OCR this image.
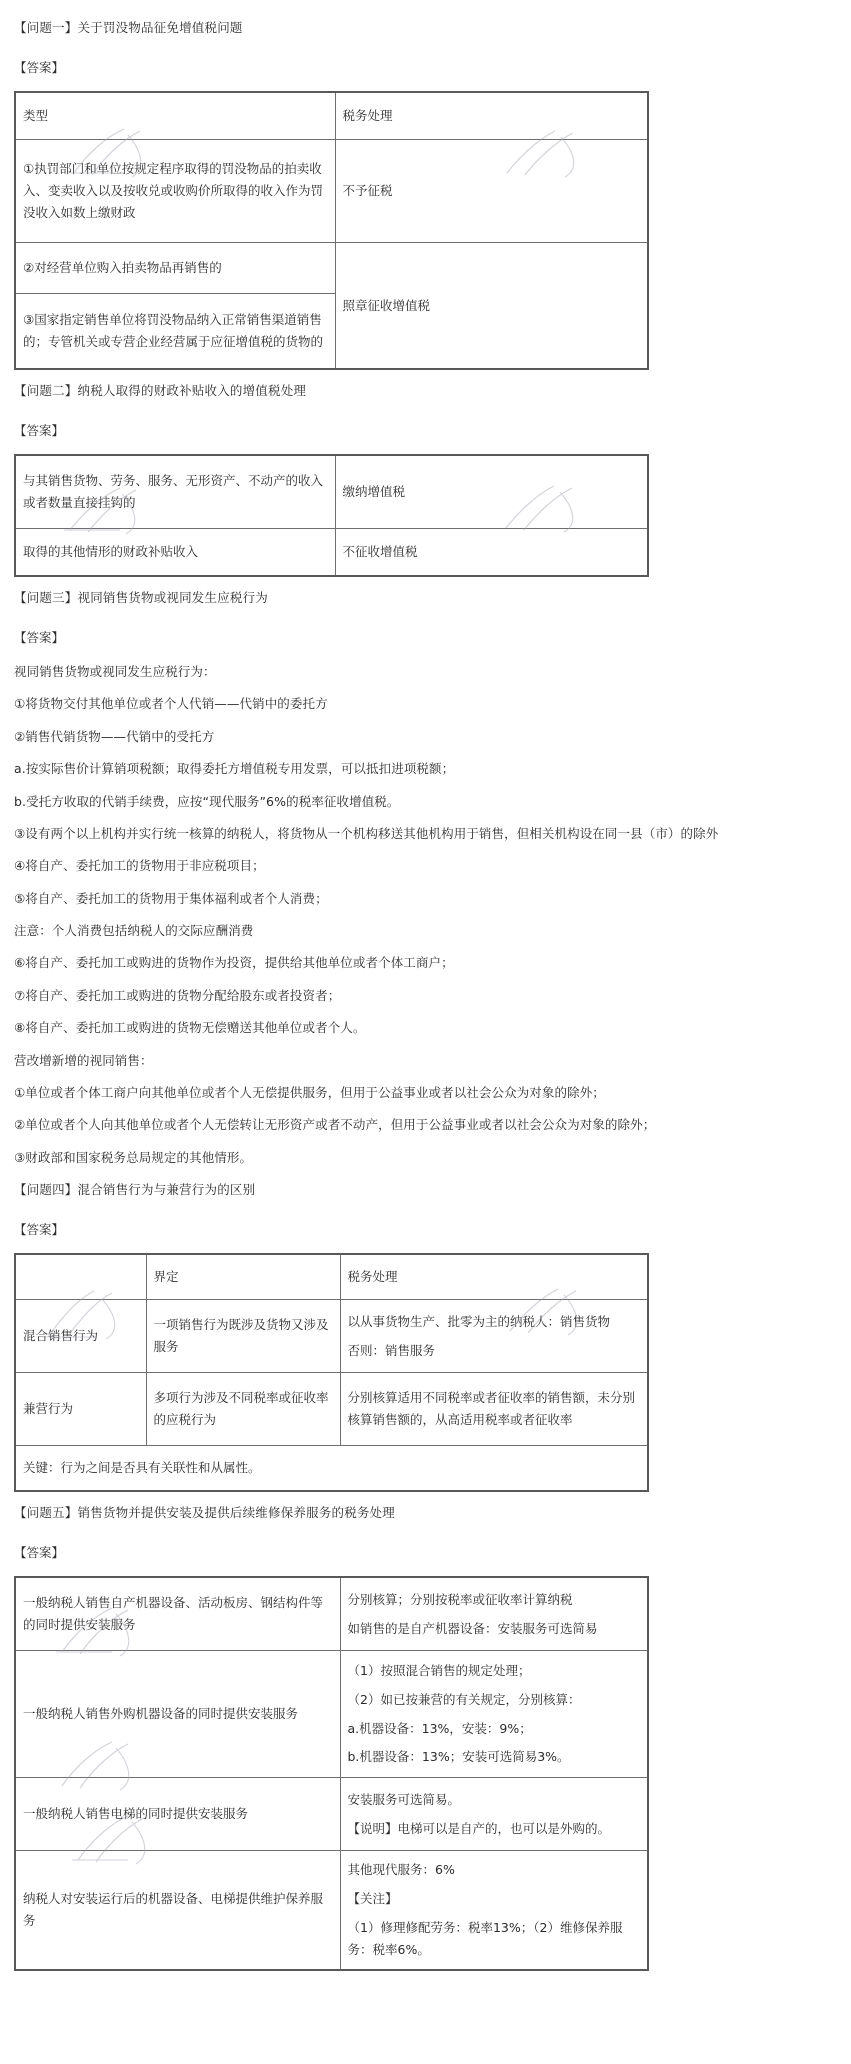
【问题一】关于罚没物品征免增值税问题

【答案】

类型	税务处理
①执罚部门和单位按规定程序取得的罚没物品的拍卖收入、变卖收入以及按收兑或收购价所取得的收入作为罚没收入如数上缴财政	不予征税
②对经营单位购入拍卖物品再销售的	照章征收增值税
③国家指定销售单位将罚没物品纳入正常销售渠道销售的；专管机关或专营企业经营属于应征增值税的货物的	

【问题二】纳税人取得的财政补贴收入的增值税处理

【答案】

与其销售货物、劳务、服务、无形资产、不动产的收入或者数量直接挂钩的	缴纳增值税
取得的其他情形的财政补贴收入	不征收增值税

【问题三】视同销售货物或视同发生应税行为

【答案】

视同销售货物或视同发生应税行为：

①将货物交付其他单位或者个人代销——代销中的委托方

②销售代销货物——代销中的受托方

a.按实际售价计算销项税额；取得委托方增值税专用发票，可以抵扣进项税额；

b.受托方收取的代销手续费，应按“现代服务”6%的税率征收增值税。

③设有两个以上机构并实行统一核算的纳税人，将货物从一个机构移送其他机构用于销售，但相关机构设在同一县（市）的除外

④将自产、委托加工的货物用于非应税项目；

⑤将自产、委托加工的货物用于集体福利或者个人消费；

注意：个人消费包括纳税人的交际应酬消费

⑥将自产、委托加工或购进的货物作为投资，提供给其他单位或者个体工商户；

⑦将自产、委托加工或购进的货物分配给股东或者投资者；

⑧将自产、委托加工或购进的货物无偿赠送其他单位或者个人。

营改增新增的视同销售：

①单位或者个体工商户向其他单位或者个人无偿提供服务，但用于公益事业或者以社会公众为对象的除外；

②单位或者个人向其他单位或者个人无偿转让无形资产或者不动产，但用于公益事业或者以社会公众为对象的除外；

③财政部和国家税务总局规定的其他情形。

【问题四】混合销售行为与兼营行为的区别

【答案】

	界定	税务处理
混合销售行为	一项销售行为既涉及货物又涉及服务	以从事货物生产、批零为主的纳税人：销售货物

否则：销售服务

兼营行为	多项行为涉及不同税率或征收率的应税行为	分别核算适用不同税率或者征收率的销售额，未分别核算销售额的，从高适用税率或者征收率
关键：行为之间是否具有关联性和从属性。		

【问题五】销售货物并提供安装及提供后续维修保养服务的税务处理

【答案】

一般纳税人销售自产机器设备、活动板房、钢结构件等的同时提供安装服务	分别核算；分别按税率或征收率计算纳税

如销售的是自产机器设备：安装服务可选简易

一般纳税人销售外购机器设备的同时提供安装服务	（1）按照混合销售的规定处理；

（2）如已按兼营的有关规定，分别核算：

a.机器设备：13%，安装：9%；

b.机器设备：13%；安装可选简易3%。

一般纳税人销售电梯的同时提供安装服务	安装服务可选简易。

【说明】电梯可以是自产的，也可以是外购的。

纳税人对安装运行后的机器设备、电梯提供维护保养服务	其他现代服务：6%

【关注】

（1）修理修配劳务：税率13%；（2）维修保养服务：税率6%。
